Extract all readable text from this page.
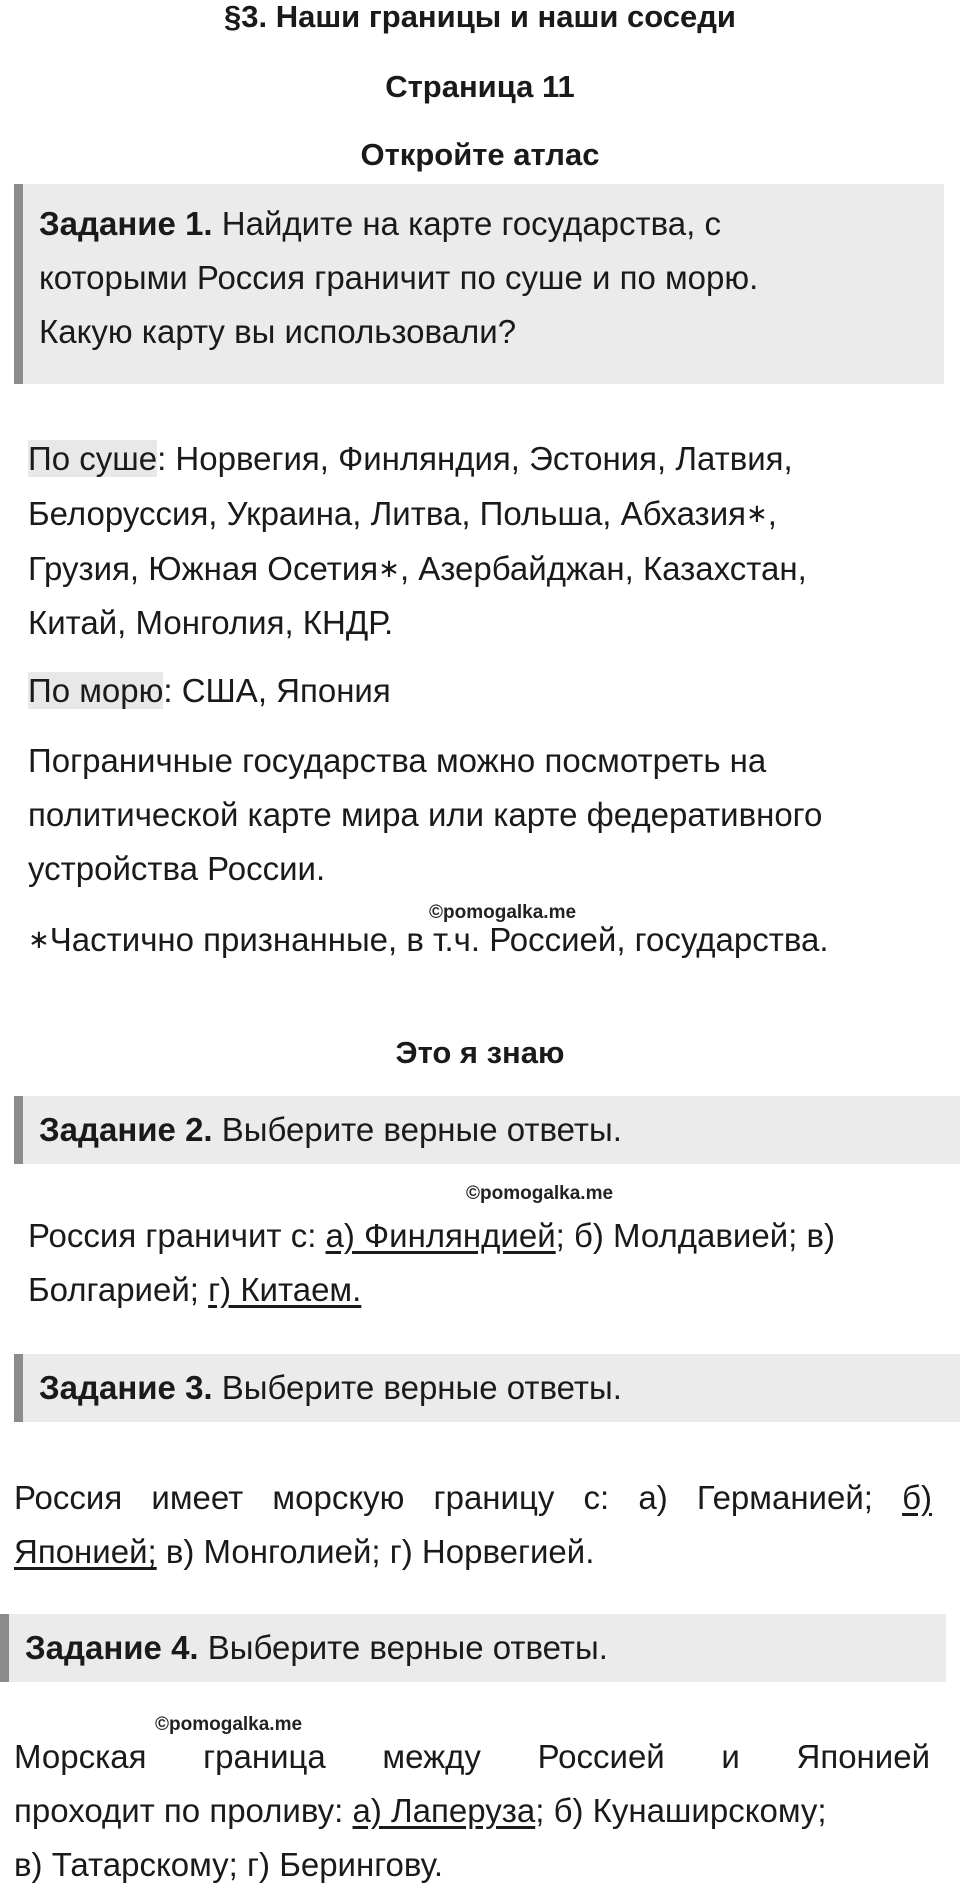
§3. Наши границы и наши соседи
Страница 11
Откройте атлас
Задание 1. Найдите на карте государства, с
которыми Россия граничит по суше и по морю.
Какую карту вы использовали?
По суше: Норвегия, Финляндия, Эстония, Латвия,
Белоруссия, Украина, Литва, Польша, Абхазия∗,
Грузия, Южная Осетия∗, Азербайджан, Казахстан,
Китай, Монголия, КНДР.
По морю: США, Япония
Пограничные государства можно посмотреть на
политической карте мира или карте федеративного
устройства России.
©pomogalka.me
∗Частично признанные, в т.ч. Россией, государства.
Это я знаю
Задание 2. Выберите верные ответы.
©pomogalka.me
Россия граничит с: а) Финляндией; б) Молдавией; в)
Болгарией; г) Китаем.
Задание 3. Выберите верные ответы.
Россия имеет морскую границу с: а) Германией; б)
Японией; в) Монголией; г) Норвегией.
Задание 4. Выберите верные ответы.
©pomogalka.me
Морская граница между Россией и Японией
проходит по проливу: а) Лаперуза; б) Кунаширскому;
в) Татарскому; г) Берингову.
